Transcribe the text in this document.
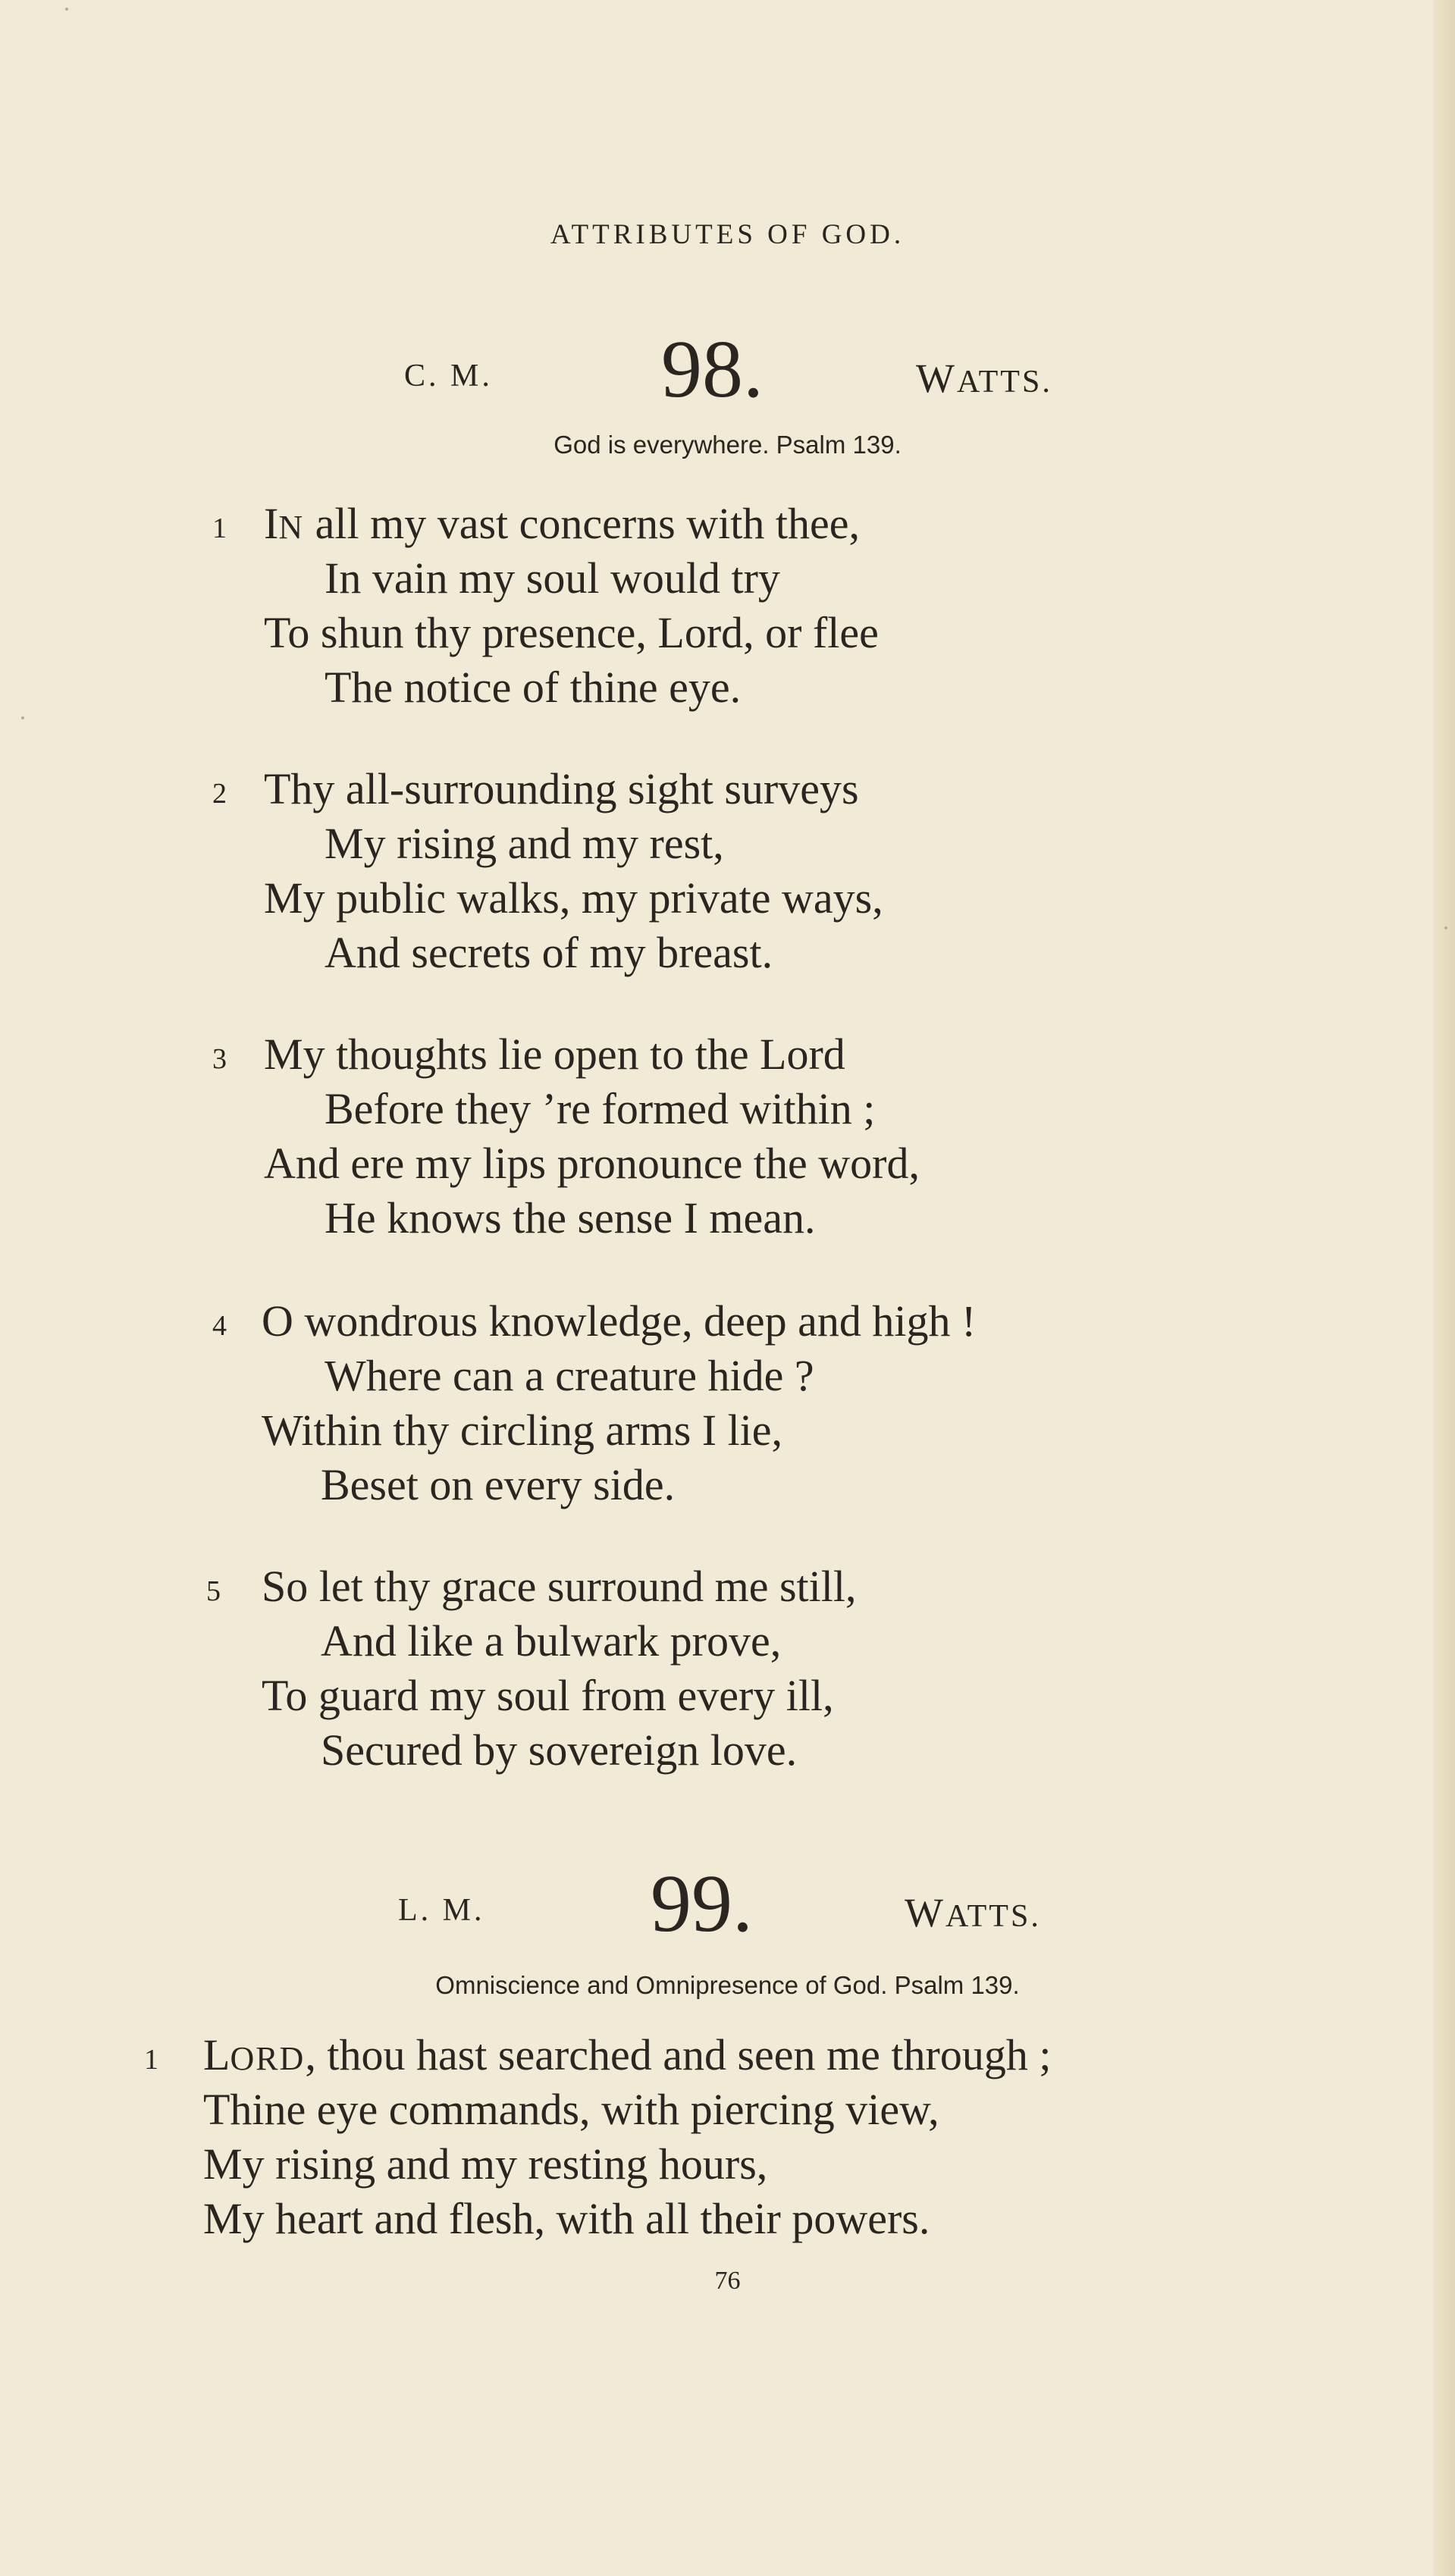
ATTRIBUTES OF GOD.
C. M. 98.	WATTS.
God is everywhere. Psalm 139.
1 IN all my vast concerns with thee,
In vain my soul would try
To shun thy presence, Lord, or flee
The notice of thine eye.
2 Thy all-surrounding sight surveys
My rising and my rest,
My public walks, my private ways,
And secrets of my breast.
3 My thoughts lie open to the Lord
Before they ’re formed within ;
And ere my lips pronounce the word,
He knows the sense I mean.
4 O wondrous knowledge, deep and high !
Where can a creature hide ?
Within thy circling arms I lie,
Beset on every side.
5 So let thy grace surround me still,
And like a bulwark prove,
To guard my soul from every ill,
Secured by sovereign love.
L. M. 99.	WATTS.
Omniscience and Omnipresence of God. Psalm 139.
1 LORD, thou hast searched and seen me through ;
Thine eye commands, with piercing view,
My rising and my resting hours,
My heart and flesh, with all their powers.
76
